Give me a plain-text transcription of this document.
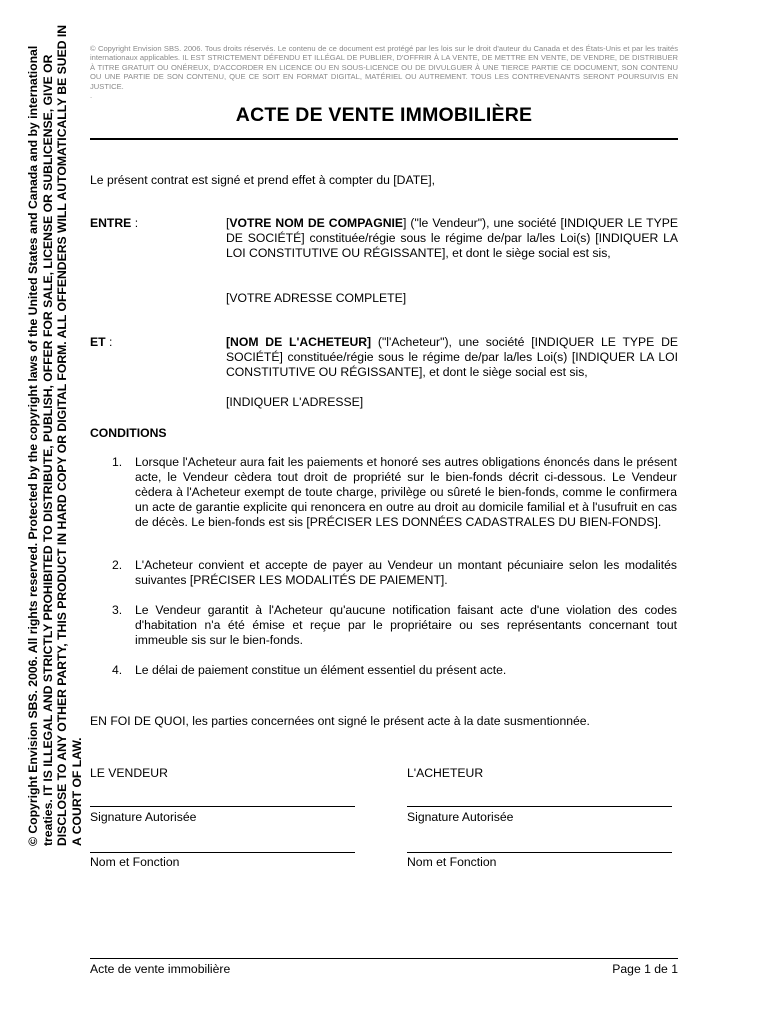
© Copyright Envision SBS. 2006. All rights reserved. Protected by the copyright laws of the United States and Canada and by international treaties. IT IS ILLEGAL AND STRICTLY PROHIBITED TO DISTRIBUTE, PUBLISH, OFFER FOR SALE, LICENSE OR SUBLICENSE, GIVE OR DISCLOSE TO ANY OTHER PARTY, THIS PRODUCT IN HARD COPY OR DIGITAL FORM. ALL OFFENDERS WILL AUTOMATICALLY BE SUED IN A COURT OF LAW.
© Copyright Envision SBS. 2006. Tous droits réservés. Le contenu de ce document est protégé par les lois sur le droit d'auteur du Canada et des États-Unis et par les traités internationaux applicables. IL EST STRICTEMENT DÉFENDU ET ILLÉGAL DE PUBLIER, D'OFFRIR À LA VENTE, DE METTRE EN VENTE, DE VENDRE, DE DISTRIBUER À TITRE GRATUIT OU ONÉREUX, D'ACCORDER EN LICENCE OU EN SOUS-LICENCE OU DE DIVULGUER À UNE TIERCE PARTIE CE DOCUMENT, SON CONTENU OU UNE PARTIE DE SON CONTENU, QUE CE SOIT EN FORMAT DIGITAL, MATÉRIEL OU AUTREMENT. TOUS LES CONTREVENANTS SERONT POURSUIVIS EN JUSTICE.
.
ACTE DE VENTE IMMOBILIÈRE
Le présent contrat est signé et prend effet à compter du [DATE],
ENTRE :	[VOTRE NOM DE COMPAGNIE] ("le Vendeur"), une société [INDIQUER LE TYPE DE SOCIÉTÉ] constituée/régie sous le régime de/par la/les Loi(s) [INDIQUER LA LOI CONSTITUTIVE OU RÉGISSANTE], et dont le siège social est sis,
[VOTRE ADRESSE COMPLETE]
ET :	[NOM DE L'ACHETEUR] ("l'Acheteur"), une société [INDIQUER LE TYPE DE SOCIÉTÉ] constituée/régie sous le régime de/par la/les Loi(s) [INDIQUER LA LOI CONSTITUTIVE OU RÉGISSANTE], et dont le siège social est sis,
[INDIQUER L'ADRESSE]
CONDITIONS
1.	Lorsque l'Acheteur aura fait les paiements et honoré ses autres obligations énoncés dans le présent acte, le Vendeur cèdera tout droit de propriété sur le bien-fonds décrit ci-dessous. Le Vendeur cèdera à l'Acheteur exempt de toute charge, privilège ou sûreté le bien-fonds, comme le confirmera un acte de garantie explicite qui renoncera en outre au droit au domicile familial et à l'usufruit en cas de décès. Le bien-fonds est sis [PRÉCISER LES DONNÉES CADASTRALES DU BIEN-FONDS].
2.	L'Acheteur convient et accepte de payer au Vendeur un montant pécuniaire selon les modalités suivantes [PRÉCISER LES MODALITÉS DE PAIEMENT].
3.	Le Vendeur garantit à l'Acheteur qu'aucune notification faisant acte d'une violation des codes d'habitation n'a été émise et reçue par le propriétaire ou ses représentants concernant tout immeuble sis sur le bien-fonds.
4.	Le délai de paiement constitue un élément essentiel du présent acte.
EN FOI DE QUOI, les parties concernées ont signé le présent acte à la date susmentionnée.
LE VENDEUR
Signature Autorisée
Nom et Fonction
L'ACHETEUR
Signature Autorisée
Nom et Fonction
Acte de vente immobilière	Page 1 de 1
